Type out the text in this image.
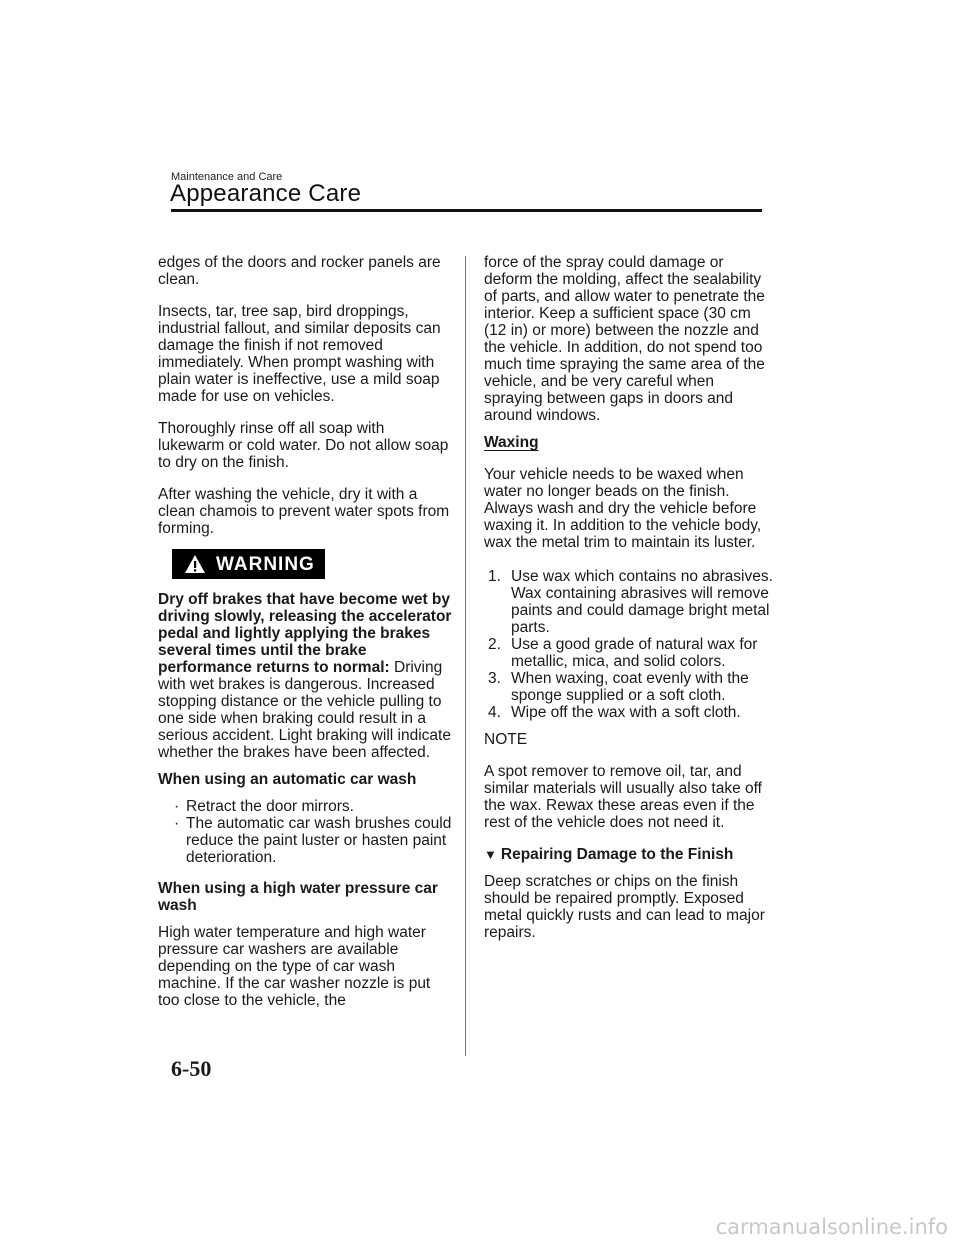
Maintenance and Care
Appearance Care

edges of the doors and rocker panels are clean.

Insects, tar, tree sap, bird droppings, industrial fallout, and similar deposits can damage the finish if not removed immediately. When prompt washing with plain water is ineffective, use a mild soap made for use on vehicles.

Thoroughly rinse off all soap with lukewarm or cold water. Do not allow soap to dry on the finish.

After washing the vehicle, dry it with a clean chamois to prevent water spots from forming.

WARNING

Dry off brakes that have become wet by driving slowly, releasing the accelerator pedal and lightly applying the brakes several times until the brake performance returns to normal: Driving with wet brakes is dangerous. Increased stopping distance or the vehicle pulling to one side when braking could result in a serious accident. Light braking will indicate whether the brakes have been affected.

When using an automatic car wash

· Retract the door mirrors.
· The automatic car wash brushes could reduce the paint luster or hasten paint deterioration.

When using a high water pressure car wash

High water temperature and high water pressure car washers are available depending on the type of car wash machine. If the car washer nozzle is put too close to the vehicle, the

force of the spray could damage or deform the molding, affect the sealability of parts, and allow water to penetrate the interior. Keep a sufficient space (30 cm (12 in) or more) between the nozzle and the vehicle. In addition, do not spend too much time spraying the same area of the vehicle, and be very careful when spraying between gaps in doors and around windows.

Waxing

Your vehicle needs to be waxed when water no longer beads on the finish. Always wash and dry the vehicle before waxing it. In addition to the vehicle body, wax the metal trim to maintain its luster.

1. Use wax which contains no abrasives.
Wax containing abrasives will remove paints and could damage bright metal parts.
2. Use a good grade of natural wax for metallic, mica, and solid colors.
3. When waxing, coat evenly with the sponge supplied or a soft cloth.
4. Wipe off the wax with a soft cloth.

NOTE

A spot remover to remove oil, tar, and similar materials will usually also take off the wax. Rewax these areas even if the rest of the vehicle does not need it.

▼ Repairing Damage to the Finish

Deep scratches or chips on the finish should be repaired promptly. Exposed metal quickly rusts and can lead to major repairs.

6-50
carmanualsonline.info
